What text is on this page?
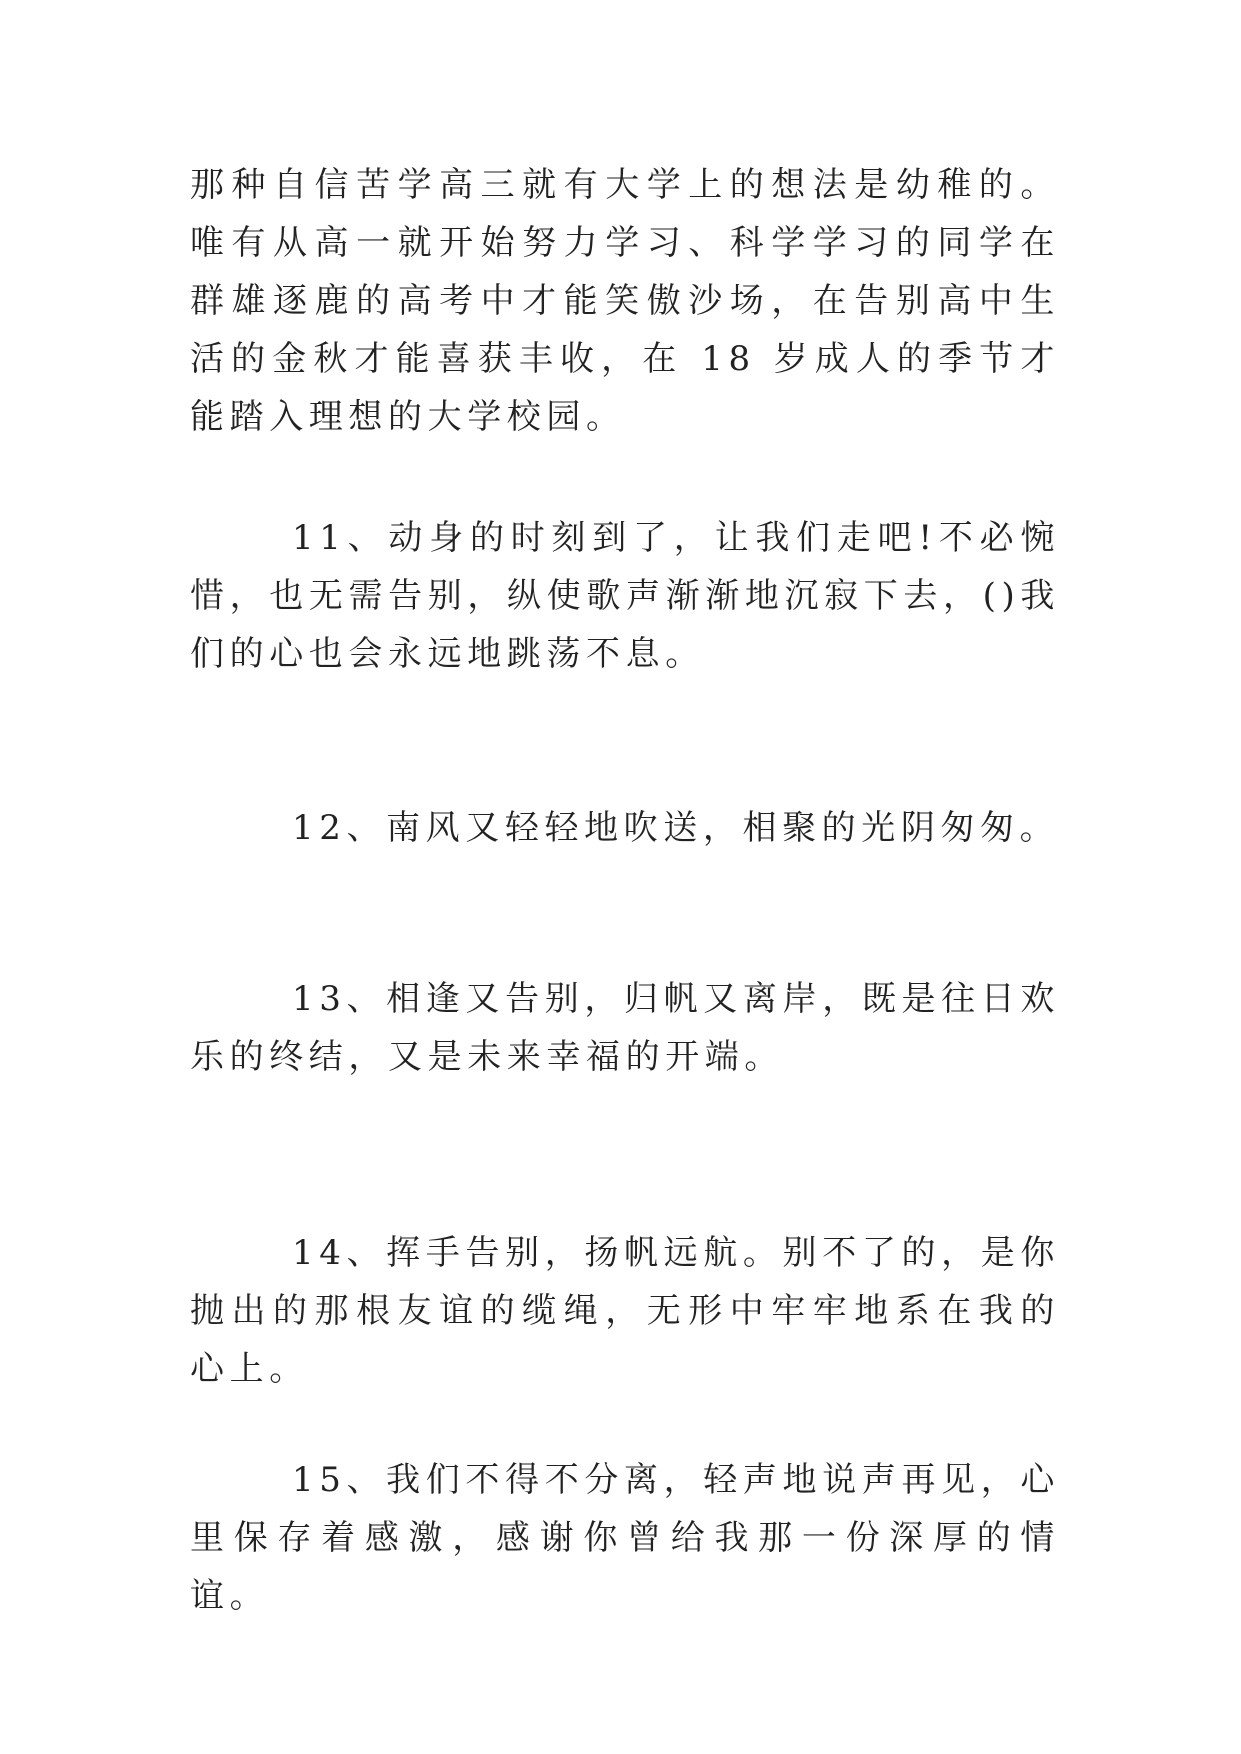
那种自信苦学高三就有大学上的想法是幼稚的。唯有从高一就开始努力学习、科学学习的同学在群雄逐鹿的高考中才能笑傲沙场，在告别高中生活的金秋才能喜获丰收，在 18 岁成人的季节才能踏入理想的大学校园。

11、动身的时刻到了，让我们走吧!不必惋惜，也无需告别，纵使歌声渐渐地沉寂下去，()我们的心也会永远地跳荡不息。

12、南风又轻轻地吹送，相聚的光阴匆匆。

13、相逢又告别，归帆又离岸，既是往日欢乐的终结，又是未来幸福的开端。

14、挥手告别，扬帆远航。别不了的，是你抛出的那根友谊的缆绳，无形中牢牢地系在我的心上。

15、我们不得不分离，轻声地说声再见，心里保存着感激，感谢你曾给我那一份深厚的情谊。
